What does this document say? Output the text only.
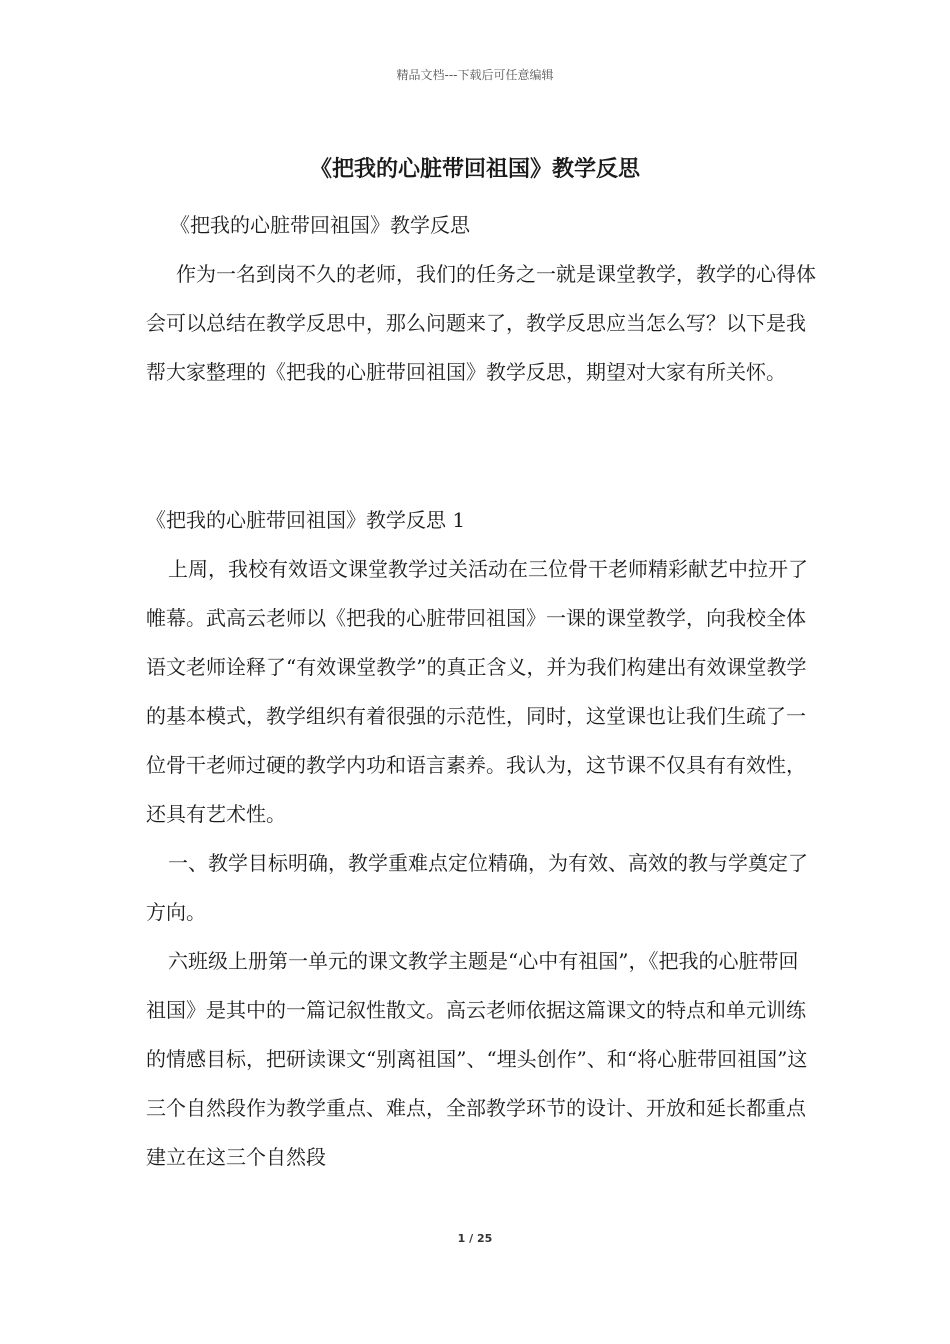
精品文档---下载后可任意编辑
《把我的心脏带回祖国》教学反思

《把我的心脏带回祖国》教学反思

作为一名到岗不久的老师，我们的任务之一就是课堂教学，教学的心得体会可以总结在教学反思中，那么问题来了，教学反思应当怎么写？以下是我帮大家整理的《把我的心脏带回祖国》教学反思，期望对大家有所关怀。

《把我的心脏带回祖国》教学反思 1

上周，我校有效语文课堂教学过关活动在三位骨干老师精彩献艺中拉开了帷幕。武高云老师以《把我的心脏带回祖国》一课的课堂教学，向我校全体语文老师诠释了“有效课堂教学”的真正含义，并为我们构建出有效课堂教学的基本模式，教学组织有着很强的示范性，同时，这堂课也让我们生疏了一位骨干老师过硬的教学内功和语言素养。我认为，这节课不仅具有有效性，还具有艺术性。

一、教学目标明确，教学重难点定位精确，为有效、高效的教与学奠定了方向。

六班级上册第一单元的课文教学主题是“心中有祖国”，《把我的心脏带回祖国》是其中的一篇记叙性散文。高云老师依据这篇课文的特点和单元训练的情感目标，把研读课文“别离祖国”、“埋头创作”、和“将心脏带回祖国”这三个自然段作为教学重点、难点，全部教学环节的设计、开放和延长都重点建立在这三个自然段

1 / 25
